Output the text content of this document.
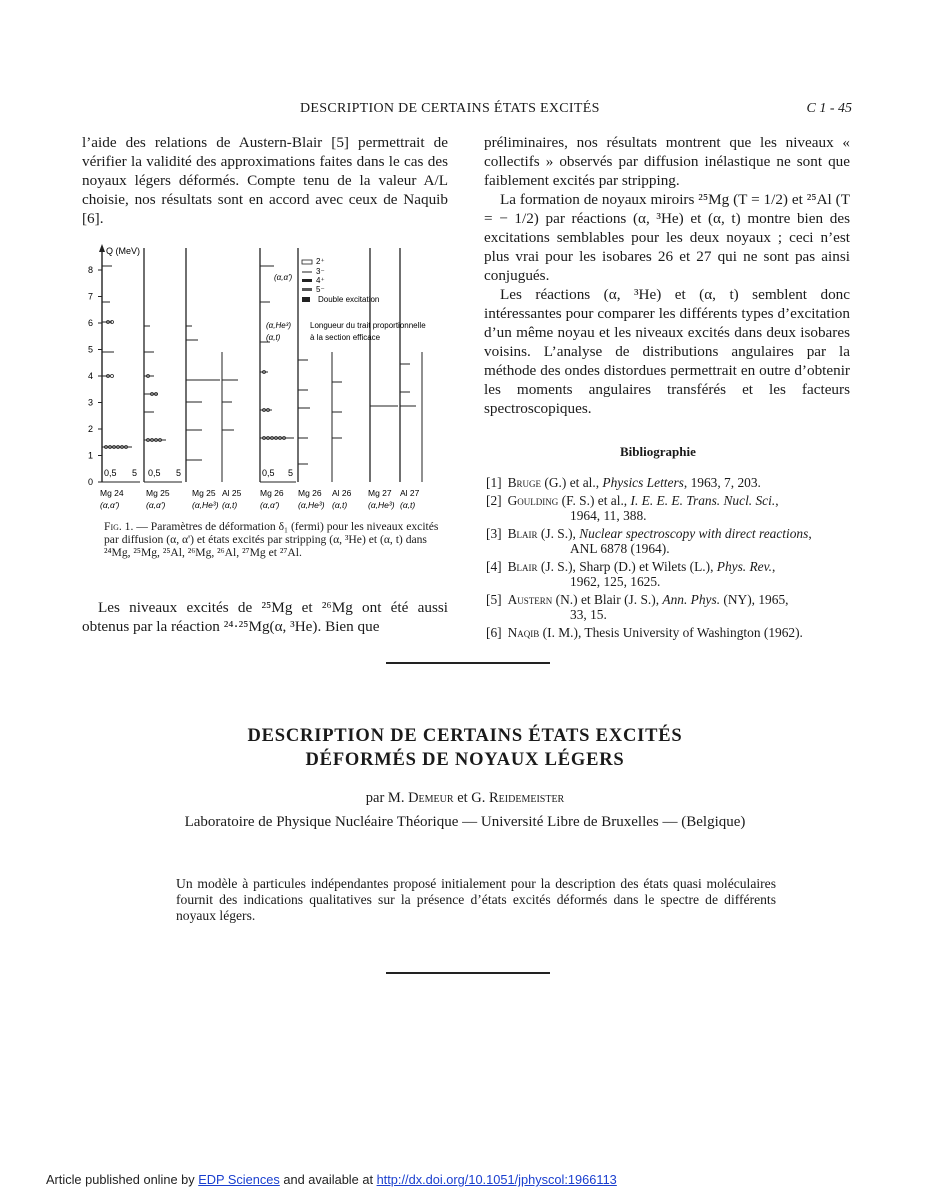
DESCRIPTION DE CERTAINS ÉTATS EXCITÉS	C 1 - 45

l’aide des relations de Austern-Blair [5] permettrait de vérifier la validité des approximations faites dans le cas des noyaux légers déformés. Compte tenu de la valeur A/L choisie, nos résultats sont en accord avec ceux de Naquib [6].

Q (MeV)
0
1
2
3
4
5
6
7
8
2⁺
3⁻
4⁺
5⁻
Double excitation
(α,α')
(α,He³) (α,t)
Longueur du trait proportionnelle
à la section efficace
0,5 5 0,5 5	0,5 5
Mg 24
(α,α')
Mg 25
(α,α')
Mg 25
(α,He³)
Al 25
(α,t)
Mg 26
(α,α')
Mg 26
(α,He³)
Al 26
(α,t)
Mg 27
(α,He³)
Al 27
(α,t)
Fig. 1. — Paramètres de déformation δ₁ (fermi) pour les niveaux excités par diffusion (α, α') et états excités par stripping (α, ³He) et (α, t) dans ²⁴Mg, ²⁵Mg, ²⁵Al, ²⁶Mg, ²⁶Al, ²⁷Mg et ²⁷Al.

Les niveaux excités de ²⁵Mg et ²⁶Mg ont été aussi obtenus par la réaction ²⁴·²⁵Mg(α, ³He). Bien que

préliminaires, nos résultats montrent que les niveaux « collectifs » observés par diffusion inélastique ne sont que faiblement excités par stripping.

La formation de noyaux miroirs ²⁵Mg (T = 1/2) et ²⁵Al (T = − 1/2) par réactions (α, ³He) et (α, t) montre bien des excitations semblables pour les deux noyaux ; ceci n’est plus vrai pour les isobares 26 et 27 qui ne sont pas ainsi conjugués.

Les réactions (α, ³He) et (α, t) semblent donc intéressantes pour comparer les différents types d’excitation d’un même noyau et les niveaux excités dans deux isobares voisins. L’analyse de distributions angulaires par la méthode des ondes distordues permettrait en outre d’obtenir les moments angulaires transférés et les facteurs spectroscopiques.

Bibliographie
[1] Bruge (G.) et al., Physics Letters, 1963, 7, 203.
[2] Goulding (F. S.) et al., I. E. E. E. Trans. Nucl. Sci.,
1964, 11, 388.
[3] Blair (J. S.), Nuclear spectroscopy with direct reactions,
ANL 6878 (1964).
[4] Blair (J. S.), Sharp (D.) et Wilets (L.), Phys. Rev.,
1962, 125, 1625.
[5] Austern (N.) et Blair (J. S.), Ann. Phys. (NY), 1965,
33, 15.
[6] Naqib (I. M.), Thesis University of Washington (1962).
DESCRIPTION DE CERTAINS ÉTATS EXCITÉS
DÉFORMÉS DE NOYAUX LÉGERS
par M. Demeur et G. Reidemeister
Laboratoire de Physique Nucléaire Théorique — Université Libre de Bruxelles — (Belgique)
Un modèle à particules indépendantes proposé initialement pour la description des états quasi moléculaires fournit des indications qualitatives sur la présence d’états excités déformés dans le spectre de différents noyaux légers.
Article published online by EDP Sciences and available at http://dx.doi.org/10.1051/jphyscol:1966113
